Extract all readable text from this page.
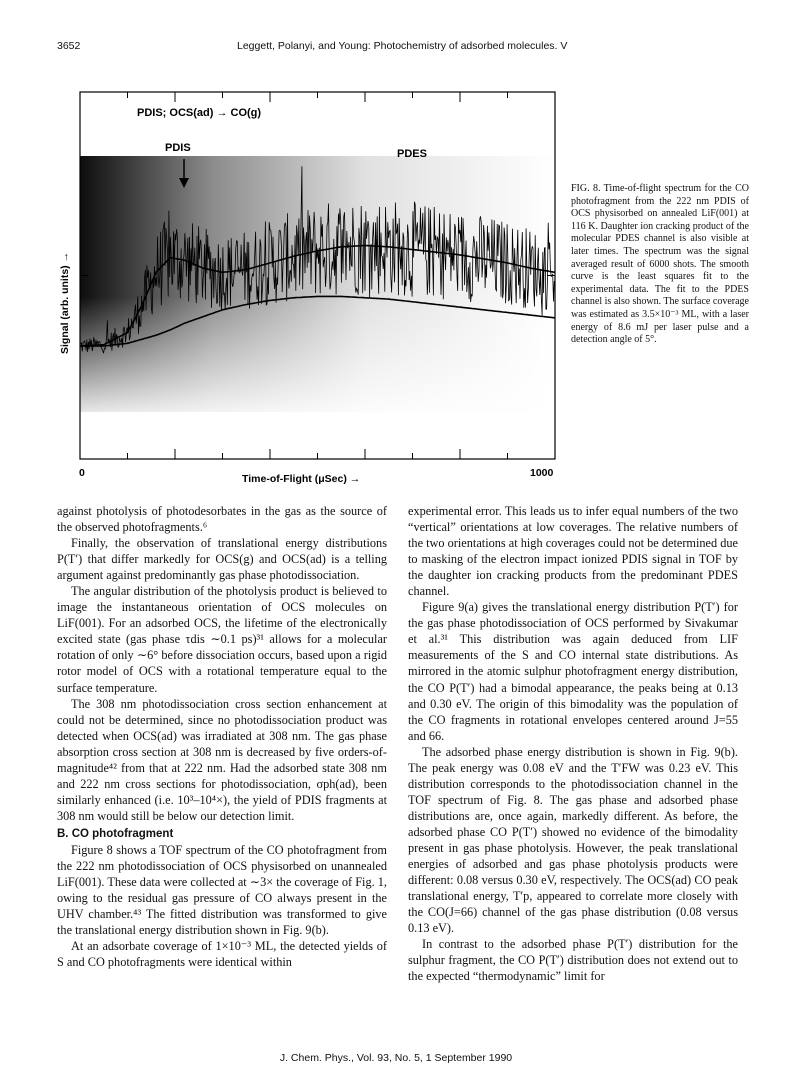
3652	Leggett, Polanyi, and Young: Photochemistry of adsorbed molecules. V
PDIS; OCS(ad) → CO(g)
PDIS	PDES
Signal (arb. units) →
Time-of-Flight (μSec) →
0	1000
FIG. 8. Time-of-flight spectrum for the CO photofragment from the 222 nm PDIS of OCS physisorbed on annealed LiF(001) at 116 K. Daughter ion cracking product of the molecular PDES channel is also visible at later times. The spectrum was the signal averaged result of 6000 shots. The smooth curve is the least squares fit to the experimental data. The fit to the PDES channel is also shown. The surface coverage was estimated as 3.5×10⁻³ ML, with a laser energy of 8.6 mJ per laser pulse and a detection angle of 5°.

against photolysis of photodesorbates in the gas as the source of the observed photofragments.⁶

Finally, the observation of translational energy distributions P(T′) that differ markedly for OCS(g) and OCS(ad) is a telling argument against predominantly gas phase photodissociation.

The angular distribution of the photolysis product is believed to image the instantaneous orientation of OCS molecules on LiF(001). For an adsorbed OCS, the lifetime of the electronically excited state (gas phase τdis ∼0.1 ps)³¹ allows for a molecular rotation of only ∼6° before dissociation occurs, based upon a rigid rotor model of OCS with a rotational temperature equal to the surface temperature.

The 308 nm photodissociation cross section enhancement at could not be determined, since no photodissociation product was detected when OCS(ad) was irradiated at 308 nm. The gas phase absorption cross section at 308 nm is decreased by five orders-of-magnitude⁴² from that at 222 nm. Had the adsorbed state 308 nm and 222 nm cross sections for photodissociation, σph(ad), been similarly enhanced (i.e. 10³–10⁴×), the yield of PDIS fragments at 308 nm would still be below our detection limit.

B. CO photofragment

Figure 8 shows a TOF spectrum of the CO photofragment from the 222 nm photodissociation of OCS physisorbed on unannealed LiF(001). These data were collected at ∼3× the coverage of Fig. 1, owing to the residual gas pressure of CO always present in the UHV chamber.⁴³ The fitted distribution was transformed to give the translational energy distribution shown in Fig. 9(b).

At an adsorbate coverage of 1×10⁻³ ML, the detected yields of S and CO photofragments were identical within

experimental error. This leads us to infer equal numbers of the two “vertical” orientations at low coverages. The relative numbers of the two orientations at high coverages could not be determined due to masking of the electron impact ionized PDIS signal in TOF by the daughter ion cracking products from the predominant PDES channel.

Figure 9(a) gives the translational energy distribution P(T′) for the gas phase photodissociation of OCS performed by Sivakumar et al.³¹ This distribution was again deduced from LIF measurements of the S and CO internal state distributions. As mirrored in the atomic sulphur photofragment energy distribution, the CO P(T′) had a bimodal appearance, the peaks being at 0.13 and 0.30 eV. The origin of this bimodality was the population of the CO fragments in rotational envelopes centered around J=55 and 66.

The adsorbed phase energy distribution is shown in Fig. 9(b). The peak energy was 0.08 eV and the T′FW was 0.23 eV. This distribution corresponds to the photodissociation channel in the TOF spectrum of Fig. 8. The gas phase and adsorbed phase distributions are, once again, markedly different. As before, the adsorbed phase CO P(T′) showed no evidence of the bimodality present in gas phase photolysis. However, the peak translational energies of adsorbed and gas phase photolysis products were different: 0.08 versus 0.30 eV, respectively. The OCS(ad) CO peak translational energy, T′p, appeared to correlate more closely with the CO(J=66) channel of the gas phase distribution (0.08 versus 0.13 eV).

In contrast to the adsorbed phase P(T′) distribution for the sulphur fragment, the CO P(T′) distribution does not extend out to the expected “thermodynamic” limit for

J. Chem. Phys., Vol. 93, No. 5, 1 September 1990
